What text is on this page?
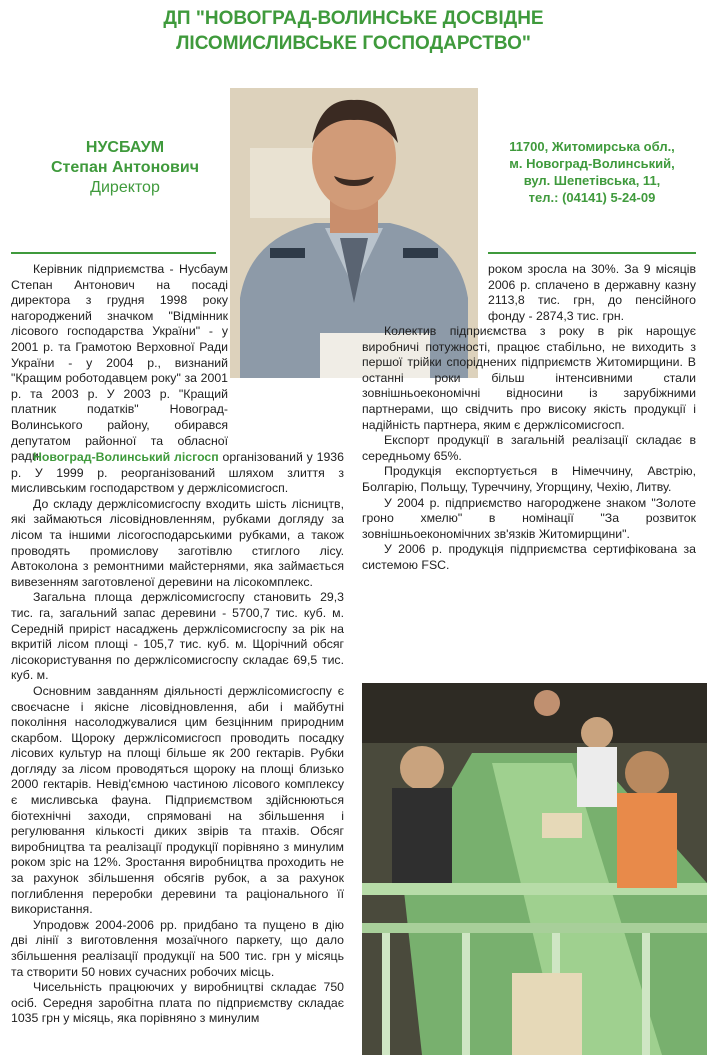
ДП "НОВОГРАД-ВОЛИНСЬКЕ ДОСВІДНЕ
ЛІСОМИСЛИВСЬКЕ ГОСПОДАРСТВО"
НУСБАУМ
Степан Антонович
Директор
11700, Житомирська обл.,
м. Новоград-Волинський,
вул. Шепетівська, 11,
тел.: (04141) 5-24-09

Керівник підприємства - Нусбаум Степан Антонович на посаді директора з грудня 1998 року нагороджений значком "Відмінник лісового господарства України" - у 2001 р. та Грамотою Верховної Ради України - у 2004 р., визнаний "Кращим роботодавцем року" за 2001 р. та 2003 р. У 2003 р. "Кращий платник податків" Новоград-Волинського району, обирався депутатом районної та обласної ради.

Новоград-Волинський лісгосп організований у 1936 р. У 1999 р. реорганізований шляхом злиття з мисливським господарством у держлісомисгосп.

До складу держлісомисгоспу входить шість лісництв, які займаються лісовідновленням, рубками догляду за лісом та іншими лісогосподарськими рубками, а також проводять промислову заготівлю стиглого лісу. Автоколона з ремонтними майстернями, яка займається вивезенням заготовленої деревини на лісокомплекс.

Загальна площа держлісомисгоспу становить 29,3 тис. га, загальний запас деревини - 5700,7 тис. куб. м. Середній приріст насаджень держлісомисгоспу за рік на вкритій лісом площі - 105,7 тис. куб. м. Щорічний обсяг лісокористування по держлісомисгоспу складає 69,5 тис. куб. м.

Основним завданням діяльності держлісомисгоспу є своєчасне і якісне лісовідновлення, аби і майбутні покоління насолоджувалися цим безцінним природним скарбом. Щороку держлісомисгосп проводить посадку лісових культур на площі більше як 200 гектарів. Рубки догляду за лісом проводяться щороку на площі близько 2000 гектарів. Невід'ємною частиною лісового комплексу є мисливська фауна. Підприємством здійснюються біотехнічні заходи, спрямовані на збільшення і регулювання кількості диких звірів та птахів. Обсяг виробництва та реалізації продукції порівняно з минулим роком зріс на 12%. Зростання виробництва проходить не за рахунок збільшення обсягів рубок, а за рахунок поглиблення переробки деревини та раціонального її використання.

Упродовж 2004-2006 рр. придбано та пущено в дію дві лінії з виготовлення мозаїчного паркету, що дало збільшення реалізації продукції на 500 тис. грн у місяць та створити 50 нових сучасних робочих місць.

Чисельність працюючих у виробництві складає 750 осіб. Середня заробітна плата по підприємству складає 1035 грн у місяць, яка порівняно з минулим

роком зросла на 30%. За 9 місяців 2006 р. сплачено в державну казну 2113,8 тис. грн, до пенсійного фонду - 2874,3 тис. грн.

Колектив підприємства з року в рік нарощує виробничі потужності, працює стабільно, не виходить з першої трійки споріднених підприємств Житомирщини. В останні роки більш інтенсивними стали зовнішньоекономічні відносини із зарубіжними партнерами, що свідчить про високу якість продукції і надійність партнера, яким є держлісомисгосп.

Експорт продукції в загальній реалізації складає в середньому 65%.

Продукція експортується в Німеччину, Австрію, Болгарію, Польщу, Туреччину, Угорщину, Чехію, Литву.

У 2004 р. підприємство нагороджене знаком "Золоте гроно хмелю" в номінації "За розвиток зовнішньоекономічних зв'язків Житомирщини".

У 2006 р. продукція підприємства сертифікована за системою FSC.
